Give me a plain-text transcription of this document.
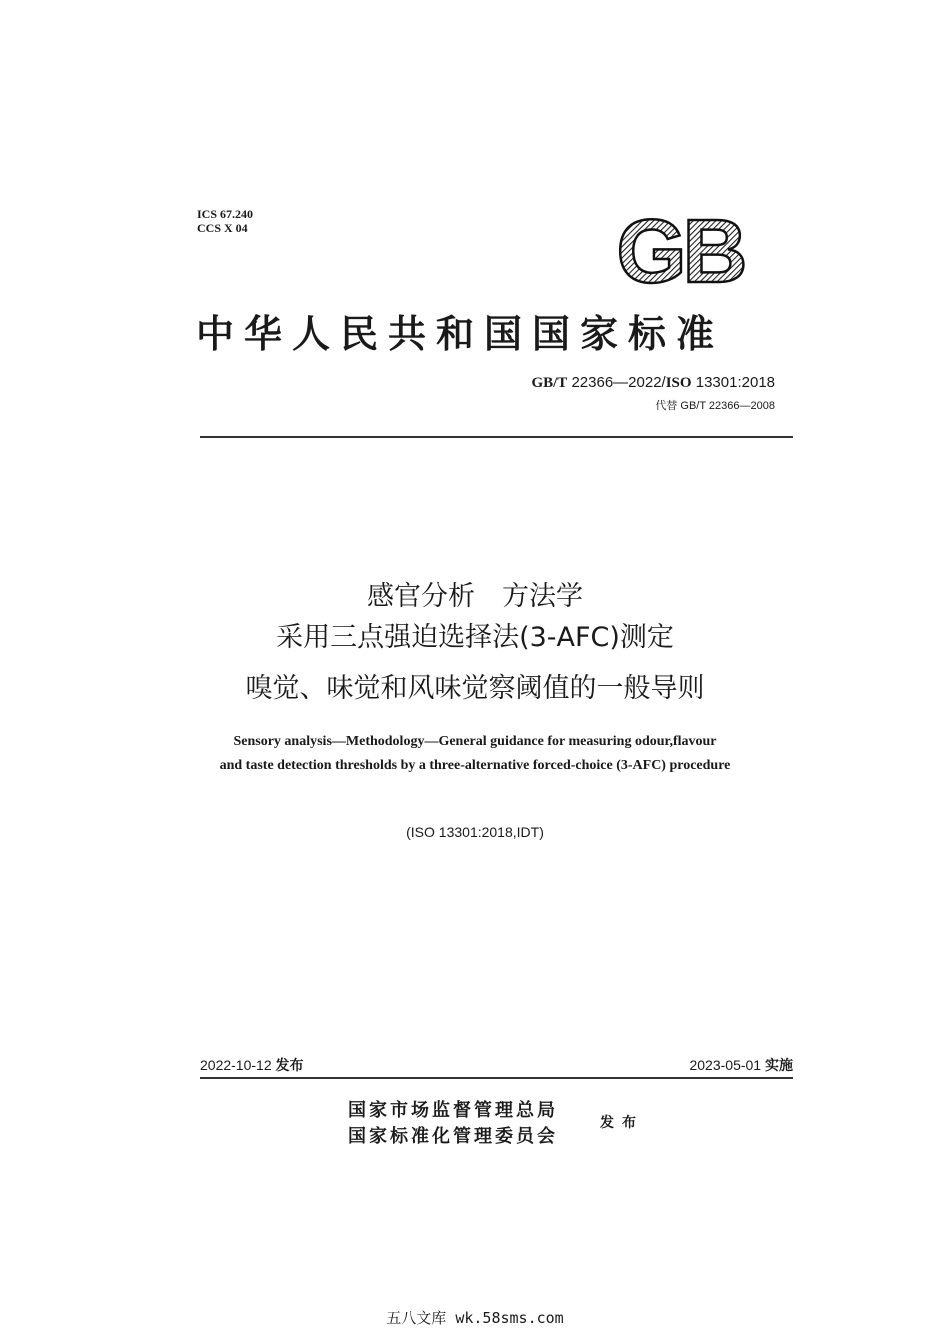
ICS 67.240
CCS X 04	GB
中华人民共和国国家标准
GB/T 22366—2022/ISO 13301:2018
代替 GB/T 22366—2008
感官分析　方法学
采用三点强迫选择法(3-AFC)测定
嗅觉、味觉和风味觉察阈值的一般导则
Sensory analysis—Methodology—General guidance for measuring odour,flavour
and taste detection thresholds by a three-alternative forced-choice (3-AFC) procedure
(ISO 13301:2018,IDT)
2022-10-12 发布	2023-05-01 实施
国家市场监督管理总局
国家标准化管理委员会
发布
五八文库 wk.58sms.com
